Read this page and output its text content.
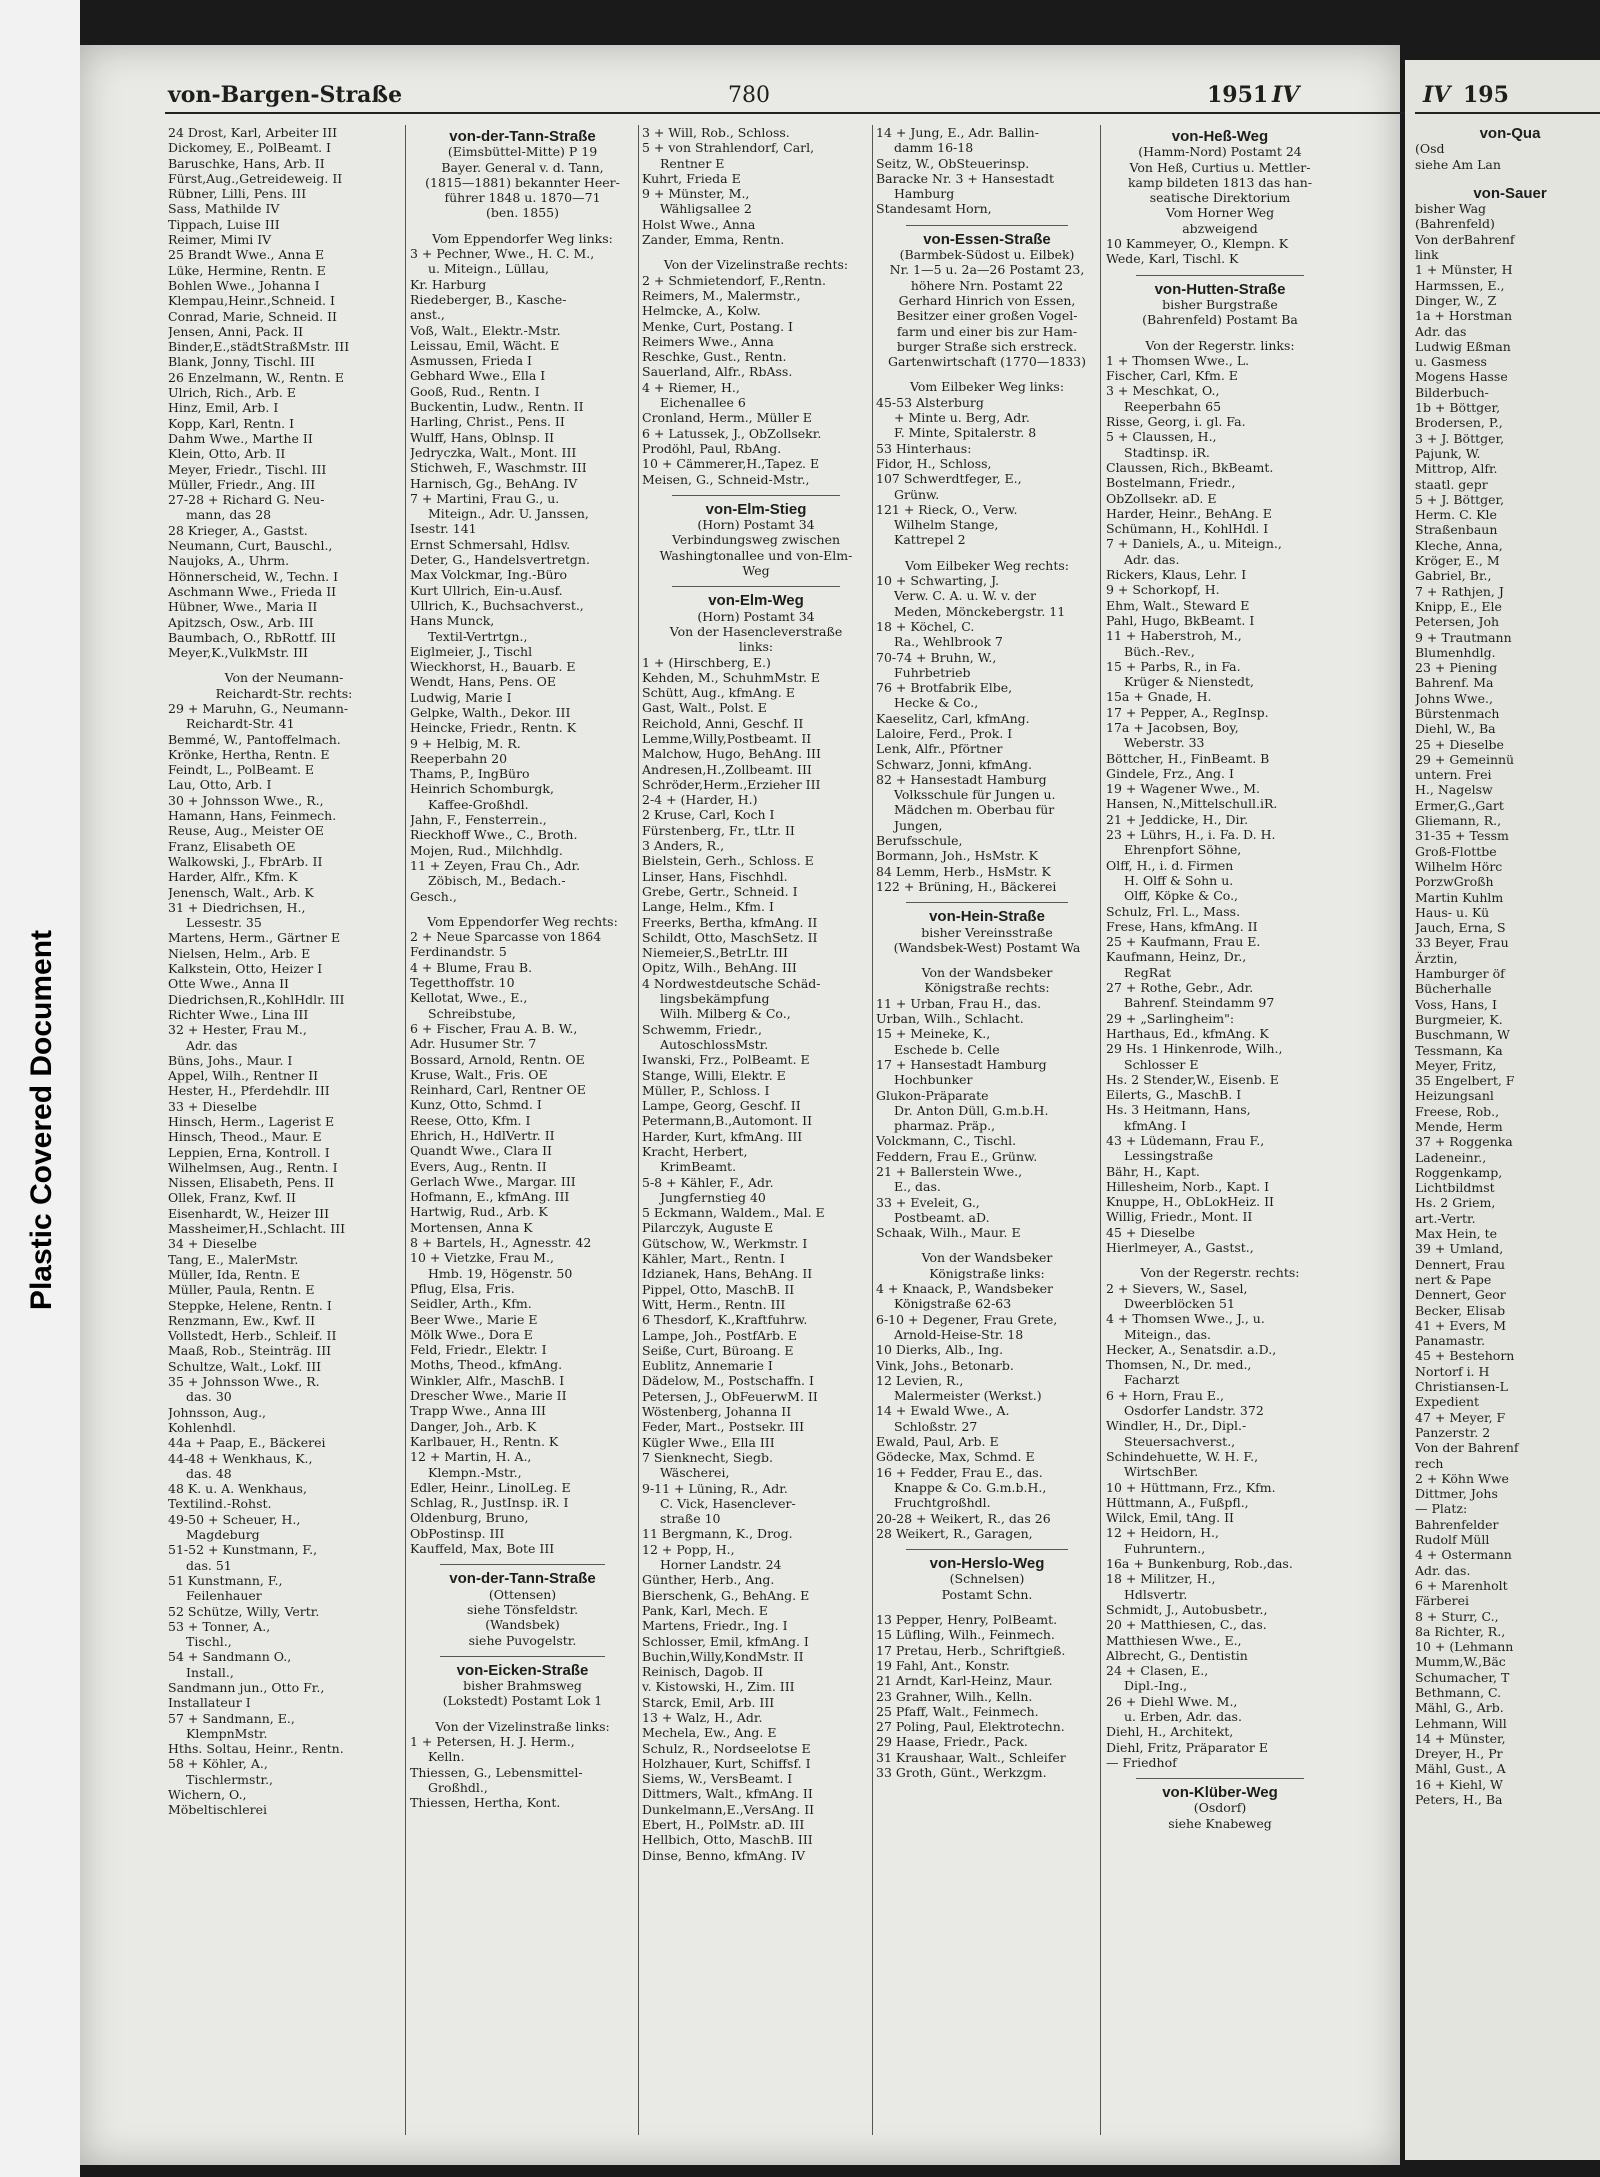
Plastic Covered Document
von-Bargen-Straße	780	1951 IV
24 Drost, Karl, Arbeiter III
Dickomey, E., PolBeamt. I
Baruschke, Hans, Arb. II
Fürst,Aug.,Getreideweig. II
Rübner, Lilli, Pens. III
Sass, Mathilde IV
Tippach, Luise III
Reimer, Mimi IV
25 Brandt Wwe., Anna E
Lüke, Hermine, Rentn. E
Bohlen Wwe., Johanna I
Klempau,Heinr.,Schneid. I
Conrad, Marie, Schneid. II
Jensen, Anni, Pack. II
Binder,E.,städtStraßMstr. III
Blank, Jonny, Tischl. III
26 Enzelmann, W., Rentn. E
Ulrich, Rich., Arb. E
Hinz, Emil, Arb. I
Kopp, Karl, Rentn. I
Dahm Wwe., Marthe II
Klein, Otto, Arb. II
Meyer, Friedr., Tischl. III
Müller, Friedr., Ang. III
27-28 + Richard G. Neu-
mann, das 28
28 Krieger, A., Gastst.
Neumann, Curt, Bauschl.,
Naujoks, A., Uhrm.
Hönnerscheid, W., Techn. I
Aschmann Wwe., Frieda II
Hübner, Wwe., Maria II
Apitzsch, Osw., Arb. III
Baumbach, O., RbRottf. III
Meyer,K.,VulkMstr. III
Von der Neumann-
Reichardt-Str. rechts:
29 + Maruhn, G., Neumann-
Reichardt-Str. 41
Bemmé, W., Pantoffelmach.
Krönke, Hertha, Rentn. E
Feindt, L., PolBeamt. E
Lau, Otto, Arb. I
30 + Johnsson Wwe., R.,
Hamann, Hans, Feinmech.
Reuse, Aug., Meister OE
Franz, Elisabeth OE
Walkowski, J., FbrArb. II
Harder, Alfr., Kfm. K
Jenensch, Walt., Arb. K
31 + Diedrichsen, H.,
Lessestr. 35
Martens, Herm., Gärtner E
Nielsen, Helm., Arb. E
Kalkstein, Otto, Heizer I
Otte Wwe., Anna II
Diedrichsen,R.,KohlHdlr. III
Richter Wwe., Lina III
32 + Hester, Frau M.,
Adr. das
Büns, Johs., Maur. I
Appel, Wilh., Rentner II
Hester, H., Pferdehdlr. III
33 + Dieselbe
Hinsch, Herm., Lagerist E
Hinsch, Theod., Maur. E
Leppien, Erna, Kontroll. I
Wilhelmsen, Aug., Rentn. I
Nissen, Elisabeth, Pens. II
Ollek, Franz, Kwf. II
Eisenhardt, W., Heizer III
Massheimer,H.,Schlacht. III
34 + Dieselbe
Tang, E., MalerMstr.
Müller, Ida, Rentn. E
Müller, Paula, Rentn. E
Steppke, Helene, Rentn. I
Renzmann, Ew., Kwf. II
Vollstedt, Herb., Schleif. II
Maaß, Rob., Steinträg. III
Schultze, Walt., Lokf. III
35 + Johnsson Wwe., R.
das. 30
Johnsson, Aug.,
Kohlenhdl.
44a + Paap, E., Bäckerei
44-48 + Wenkhaus, K.,
das. 48
48 K. u. A. Wenkhaus,
Textilind.-Rohst.
49-50 + Scheuer, H.,
Magdeburg
51-52 + Kunstmann, F.,
das. 51
51 Kunstmann, F.,
Feilenhauer
52 Schütze, Willy, Vertr.
53 + Tonner, A.,
Tischl.,
54 + Sandmann O.,
Install.,
Sandmann jun., Otto Fr.,
Installateur I
57 + Sandmann, E.,
KlempnMstr.
Hths. Soltau, Heinr., Rentn.
58 + Köhler, A.,
Tischlermstr.,
Wichern, O.,
Möbeltischlerei
von-der-Tann-Straße
(Eimsbüttel-Mitte) P 19
Bayer. General v. d. Tann,
(1815—1881) bekannter Heer-
führer 1848 u. 1870—71
(ben. 1855)
Vom Eppendorfer Weg links:
3 + Pechner, Wwe., H. C. M.,
u. Miteign., Lüllau,
Kr. Harburg
Riedeberger, B., Kasche-
anst.,
Voß, Walt., Elektr.-Mstr.
Leissau, Emil, Wächt. E
Asmussen, Frieda I
Gebhard Wwe., Ella I
Gooß, Rud., Rentn. I
Buckentin, Ludw., Rentn. II
Harling, Christ., Pens. II
Wulff, Hans, Oblnsp. II
Jedryczka, Walt., Mont. III
Stichweh, F., Waschmstr. III
Harnisch, Gg., BehAng. IV
7 + Martini, Frau G., u.
Miteign., Adr. U. Janssen,
Isestr. 141
Ernst Schmersahl, Hdlsv.
Deter, G., Handelsvertretgn.
Max Volckmar, Ing.-Büro
Kurt Ullrich, Ein-u.Ausf.
Ullrich, K., Buchsachverst.,
Hans Munck,
Textil-Vertrtgn.,
Eiglmeier, J., Tischl
Wieckhorst, H., Bauarb. E
Wendt, Hans, Pens. OE
Ludwig, Marie I
Gelpke, Walth., Dekor. III
Heincke, Friedr., Rentn. K
9 + Helbig, M. R.
Reeperbahn 20
Thams, P., IngBüro
Heinrich Schomburgk,
Kaffee-Großhdl.
Jahn, F., Fensterrein.,
Rieckhoff Wwe., C., Broth.
Mojen, Rud., Milchhdlg.
11 + Zeyen, Frau Ch., Adr.
Zöbisch, M., Bedach.-
Gesch.,
Vom Eppendorfer Weg rechts:
2 + Neue Sparcasse von 1864
Ferdinandstr. 5
4 + Blume, Frau B.
Tegetthoffstr. 10
Kellotat, Wwe., E.,
Schreibstube,
6 + Fischer, Frau A. B. W.,
Adr. Husumer Str. 7
Bossard, Arnold, Rentn. OE
Kruse, Walt., Fris. OE
Reinhard, Carl, Rentner OE
Kunz, Otto, Schmd. I
Reese, Otto, Kfm. I
Ehrich, H., HdlVertr. II
Quandt Wwe., Clara II
Evers, Aug., Rentn. II
Gerlach Wwe., Margar. III
Hofmann, E., kfmAng. III
Hartwig, Rud., Arb. K
Mortensen, Anna K
8 + Bartels, H., Agnesstr. 42
10 + Vietzke, Frau M.,
Hmb. 19, Högenstr. 50
Pflug, Elsa, Fris.
Seidler, Arth., Kfm.
Beer Wwe., Marie E
Mölk Wwe., Dora E
Feld, Friedr., Elektr. I
Moths, Theod., kfmAng.
Winkler, Alfr., MaschB. I
Drescher Wwe., Marie II
Trapp Wwe., Anna III
Danger, Joh., Arb. K
Karlbauer, H., Rentn. K
12 + Martin, H. A.,
Klempn.-Mstr.,
Edler, Heinr., LinolLeg. E
Schlag, R., JustInsp. iR. I
Oldenburg, Bruno,
ObPostinsp. III
Kauffeld, Max, Bote III
von-der-Tann-Straße
(Ottensen)
siehe Tönsfeldstr.
(Wandsbek)
siehe Puvogelstr.
von-Eicken-Straße
bisher Brahmsweg
(Lokstedt) Postamt Lok 1
Von der Vizelinstraße links:
1 + Petersen, H. J. Herm.,
Kelln.
Thiessen, G., Lebensmittel-
Großhdl.,
Thiessen, Hertha, Kont.
3 + Will, Rob., Schloss.
5 + von Strahlendorf, Carl,
Rentner E
Kuhrt, Frieda E
9 + Münster, M.,
Wähligsallee 2
Holst Wwe., Anna
Zander, Emma, Rentn.
Von der Vizelinstraße rechts:
2 + Schmietendorf, F.,Rentn.
Reimers, M., Malermstr.,
Helmcke, A., Kolw.
Menke, Curt, Postang. I
Reimers Wwe., Anna
Reschke, Gust., Rentn.
Sauerland, Alfr., RbAss.
4 + Riemer, H.,
Eichenallee 6
Cronland, Herm., Müller E
6 + Latussek, J., ObZollsekr.
Prodöhl, Paul, RbAng.
10 + Cämmerer,H.,Tapez. E
Meisen, G., Schneid-Mstr.,
von-Elm-Stieg
(Horn) Postamt 34
Verbindungsweg zwischen
Washingtonallee und von-Elm-
Weg
von-Elm-Weg
(Horn) Postamt 34
Von der Hasencleverstraße
links:
1 + (Hirschberg, E.)
Kehden, M., SchuhmMstr. E
Schütt, Aug., kfmAng. E
Gast, Walt., Polst. E
Reichold, Anni, Geschf. II
Lemme,Willy,Postbeamt. II
Malchow, Hugo, BehAng. III
Andresen,H.,Zollbeamt. III
Schröder,Herm.,Erzieher III
2-4 + (Harder, H.)
2 Kruse, Carl, Koch I
Fürstenberg, Fr., tLtr. II
3 Anders, R.,
Bielstein, Gerh., Schloss. E
Linser, Hans, Fischhdl.
Grebe, Gertr., Schneid. I
Lange, Helm., Kfm. I
Freerks, Bertha, kfmAng. II
Schildt, Otto, MaschSetz. II
Niemeier,S.,BetrLtr. III
Opitz, Wilh., BehAng. III
4 Nordwestdeutsche Schäd-
lingsbekämpfung
Wilh. Milberg & Co.,
Schwemm, Friedr.,
AutoschlossMstr.
Iwanski, Frz., PolBeamt. E
Stange, Willi, Elektr. E
Müller, P., Schloss. I
Lampe, Georg, Geschf. II
Petermann,B.,Automont. II
Harder, Kurt, kfmAng. III
Kracht, Herbert,
KrimBeamt.
5-8 + Kähler, F., Adr.
Jungfernstieg 40
5 Eckmann, Waldem., Mal. E
Pilarczyk, Auguste E
Gütschow, W., Werkmstr. I
Kähler, Mart., Rentn. I
Idzianek, Hans, BehAng. II
Pippel, Otto, MaschB. II
Witt, Herm., Rentn. III
6 Thesdorf, K.,Kraftfuhrw.
Lampe, Joh., PostfArb. E
Seiße, Curt, Büroang. E
Eublitz, Annemarie I
Dädelow, M., Postschaffn. I
Petersen, J., ObFeuerwM. II
Wöstenberg, Johanna II
Feder, Mart., Postsekr. III
Kügler Wwe., Ella III
7 Sienknecht, Siegb.
Wäscherei,
9-11 + Lüning, R., Adr.
C. Vick, Hasenclever-
straße 10
11 Bergmann, K., Drog.
12 + Popp, H.,
Horner Landstr. 24
Günther, Herb., Ang.
Bierschenk, G., BehAng. E
Pank, Karl, Mech. E
Martens, Friedr., Ing. I
Schlosser, Emil, kfmAng. I
Buchin,Willy,KondMstr. II
Reinisch, Dagob. II
v. Kistowski, H., Zim. III
Starck, Emil, Arb. III
13 + Walz, H., Adr.
Mechela, Ew., Ang. E
Schulz, R., Nordseelotse E
Holzhauer, Kurt, Schiffsf. I
Siems, W., VersBeamt. I
Dittmers, Walt., kfmAng. II
Dunkelmann,E.,VersAng. II
Ebert, H., PolMstr. aD. III
Hellbich, Otto, MaschB. III
Dinse, Benno, kfmAng. IV
14 + Jung, E., Adr. Ballin-
damm 16-18
Seitz, W., ObSteuerinsp.
Baracke Nr. 3 + Hansestadt
Hamburg
Standesamt Horn,
von-Essen-Straße
(Barmbek-Südost u. Eilbek)
Nr. 1—5 u. 2a—26 Postamt 23,
höhere Nrn. Postamt 22
Gerhard Hinrich von Essen,
Besitzer einer großen Vogel-
farm und einer bis zur Ham-
burger Straße sich erstreck.
Gartenwirtschaft (1770—1833)
Vom Eilbeker Weg links:
45-53 Alsterburg
+ Minte u. Berg, Adr.
F. Minte, Spitalerstr. 8
53 Hinterhaus:
Fidor, H., Schloss,
107 Schwerdtfeger, E.,
Grünw.
121 + Rieck, O., Verw.
Wilhelm Stange,
Kattrepel 2
Vom Eilbeker Weg rechts:
10 + Schwarting, J.
Verw. C. A. u. W. v. der
Meden, Mönckebergstr. 11
18 + Köchel, C.
Ra., Wehlbrook 7
70-74 + Bruhn, W.,
Fuhrbetrieb
76 + Brotfabrik Elbe,
Hecke & Co.,
Kaeselitz, Carl, kfmAng.
Laloire, Ferd., Prok. I
Lenk, Alfr., Pförtner
Schwarz, Jonni, kfmAng.
82 + Hansestadt Hamburg
Volksschule für Jungen u.
Mädchen m. Oberbau für
Jungen,
Berufsschule,
Bormann, Joh., HsMstr. K
84 Lemm, Herb., HsMstr. K
122 + Brüning, H., Bäckerei
von-Hein-Straße
bisher Vereinsstraße
(Wandsbek-West) Postamt Wa
Von der Wandsbeker
Königstraße rechts:
11 + Urban, Frau H., das.
Urban, Wilh., Schlacht.
15 + Meineke, K.,
Eschede b. Celle
17 + Hansestadt Hamburg
Hochbunker
Glukon-Präparate
Dr. Anton Düll, G.m.b.H.
pharmaz. Präp.,
Volckmann, C., Tischl.
Feddern, Frau E., Grünw.
21 + Ballerstein Wwe.,
E., das.
33 + Eveleit, G.,
Postbeamt. aD.
Schaak, Wilh., Maur. E
Von der Wandsbeker
Königstraße links:
4 + Knaack, P., Wandsbeker
Königstraße 62-63
6-10 + Degener, Frau Grete,
Arnold-Heise-Str. 18
10 Dierks, Alb., Ing.
Vink, Johs., Betonarb.
12 Levien, R.,
Malermeister (Werkst.)
14 + Ewald Wwe., A.
Schloßstr. 27
Ewald, Paul, Arb. E
Gödecke, Max, Schmd. E
16 + Fedder, Frau E., das.
Knappe & Co. G.m.b.H.,
Fruchtgroßhdl.
20-28 + Weikert, R., das 26
28 Weikert, R., Garagen,
von-Herslo-Weg
(Schnelsen)
Postamt Schn.
13 Pepper, Henry, PolBeamt.
15 Lüfling, Wilh., Feinmech.
17 Pretau, Herb., Schriftgieß.
19 Fahl, Ant., Konstr.
21 Arndt, Karl-Heinz, Maur.
23 Grahner, Wilh., Kelln.
25 Pfaff, Walt., Feinmech.
27 Poling, Paul, Elektrotechn.
29 Haase, Friedr., Pack.
31 Kraushaar, Walt., Schleifer
33 Groth, Günt., Werkzgm.
von-Heß-Weg
(Hamm-Nord) Postamt 24
Von Heß, Curtius u. Mettler-
kamp bildeten 1813 das han-
seatische Direktorium
Vom Horner Weg
abzweigend
10 Kammeyer, O., Klempn. K
Wede, Karl, Tischl. K
von-Hutten-Straße
bisher Burgstraße
(Bahrenfeld) Postamt Ba
Von der Regerstr. links:
1 + Thomsen Wwe., L.
Fischer, Carl, Kfm. E
3 + Meschkat, O.,
Reeperbahn 65
Risse, Georg, i. gl. Fa.
5 + Claussen, H.,
Stadtinsp. iR.
Claussen, Rich., BkBeamt.
Bostelmann, Friedr.,
ObZollsekr. aD. E
Harder, Heinr., BehAng. E
Schümann, H., KohlHdl. I
7 + Daniels, A., u. Miteign.,
Adr. das.
Rickers, Klaus, Lehr. I
9 + Schorkopf, H.
Ehm, Walt., Steward E
Pahl, Hugo, BkBeamt. I
11 + Haberstroh, M.,
Büch.-Rev.,
15 + Parbs, R., in Fa.
Krüger & Nienstedt,
15a + Gnade, H.
17 + Pepper, A., RegInsp.
17a + Jacobsen, Boy,
Weberstr. 33
Böttcher, H., FinBeamt. B
Gindele, Frz., Ang. I
19 + Wagener Wwe., M.
Hansen, N.,Mittelschull.iR.
21 + Jeddicke, H., Dir.
23 + Lührs, H., i. Fa. D. H.
Ehrenpfort Söhne,
Olff, H., i. d. Firmen
H. Olff & Sohn u.
Olff, Köpke & Co.,
Schulz, Frl. L., Mass.
Frese, Hans, kfmAng. II
25 + Kaufmann, Frau E.
Kaufmann, Heinz, Dr.,
RegRat
27 + Rothe, Gebr., Adr.
Bahrenf. Steindamm 97
29 + „Sarlingheim":
Harthaus, Ed., kfmAng. K
29 Hs. 1 Hinkenrode, Wilh.,
Schlosser E
Hs. 2 Stender,W., Eisenb. E
Eilerts, G., MaschB. I
Hs. 3 Heitmann, Hans,
kfmAng. I
43 + Lüdemann, Frau F.,
Lessingstraße
Bähr, H., Kapt.
Hillesheim, Norb., Kapt. I
Knuppe, H., ObLokHeiz. II
Willig, Friedr., Mont. II
45 + Dieselbe
Hierlmeyer, A., Gastst.,
Von der Regerstr. rechts:
2 + Sievers, W., Sasel,
Dweerblöcken 51
4 + Thomsen Wwe., J., u.
Miteign., das.
Hecker, A., Senatsdir. a.D.,
Thomsen, N., Dr. med.,
Facharzt
6 + Horn, Frau E.,
Osdorfer Landstr. 372
Windler, H., Dr., Dipl.-
Steuersachverst.,
Schindehuette, W. H. F.,
WirtschBer.
10 + Hüttmann, Frz., Kfm.
Hüttmann, A., Fußpfl.,
Wilck, Emil, tAng. II
12 + Heidorn, H.,
Fuhruntern.,
16a + Bunkenburg, Rob.,das.
18 + Militzer, H.,
Hdlsvertr.
Schmidt, J., Autobusbetr.,
20 + Matthiesen, C., das.
Matthiesen Wwe., E.,
Albrecht, G., Dentistin
24 + Clasen, E.,
Dipl.-Ing.,
26 + Diehl Wwe. M.,
u. Erben, Adr. das.
Diehl, H., Architekt,
Diehl, Fritz, Präparator E
— Friedhof
von-Klüber-Weg
(Osdorf)
siehe Knabeweg
IV 195
von-Qua
(Osd
siehe Am Lan
von-Sauer
bisher Wag
(Bahrenfeld)
Von derBahrenf
link
1 + Münster, H
Harmssen, E.,
Dinger, W., Z
1a + Horstman
Adr. das
Ludwig Eßman
u. Gasmess
Mogens Hasse
Bilderbuch-
1b + Böttger,
Brodersen, P.,
3 + J. Böttger,
Pajunk, W.
Mittrop, Alfr.
staatl. gepr
5 + J. Böttger,
Herm. C. Kle
Straßenbaun
Kleche, Anna,
Kröger, E., M
Gabriel, Br.,
7 + Rathjen, J
Knipp, E., Ele
Petersen, Joh
9 + Trautmann
Blumenhdlg.
23 + Piening
Bahrenf. Ma
Johns Wwe.,
Bürstenmach
Diehl, W., Ba
25 + Dieselbe
29 + Gemeinnü
untern. Frei
H., Nagelsw
Ermer,G.,Gart
Gliemann, R.,
31-35 + Tessm
Groß-Flottbe
Wilhelm Hörc
PorzwGroßh
Martin Kuhlm
Haus- u. Kü
Jauch, Erna, S
33 Beyer, Frau
Ärztin,
Hamburger öf
Bücherhalle
Voss, Hans, I
Burgmeier, K.
Buschmann, W
Tessmann, Ka
Meyer, Fritz,
35 Engelbert, F
Heizungsanl
Freese, Rob.,
Mende, Herm
37 + Roggenka
Ladeneinr.,
Roggenkamp,
Lichtbildmst
Hs. 2 Griem,
art.-Vertr.
Max Hein, te
39 + Umland,
Dennert, Frau
nert & Pape
Dennert, Geor
Becker, Elisab
41 + Evers, M
Panamastr.
45 + Bestehorn
Nortorf i. H
Christiansen-L
Expedient
47 + Meyer, F
Panzerstr. 2
Von der Bahrenf
rech
2 + Köhn Wwe
Dittmer, Johs
— Platz:
Bahrenfelder
Rudolf Müll
4 + Ostermann
Adr. das.
6 + Marenholt
Färberei
8 + Sturr, C.,
8a Richter, R.,
10 + (Lehmann
Mumm,W.,Bäc
Schumacher, T
Bethmann, C.
Mähl, G., Arb.
Lehmann, Will
14 + Münster,
Dreyer, H., Pr
Mähl, Gust., A
16 + Kiehl, W
Peters, H., Ba
